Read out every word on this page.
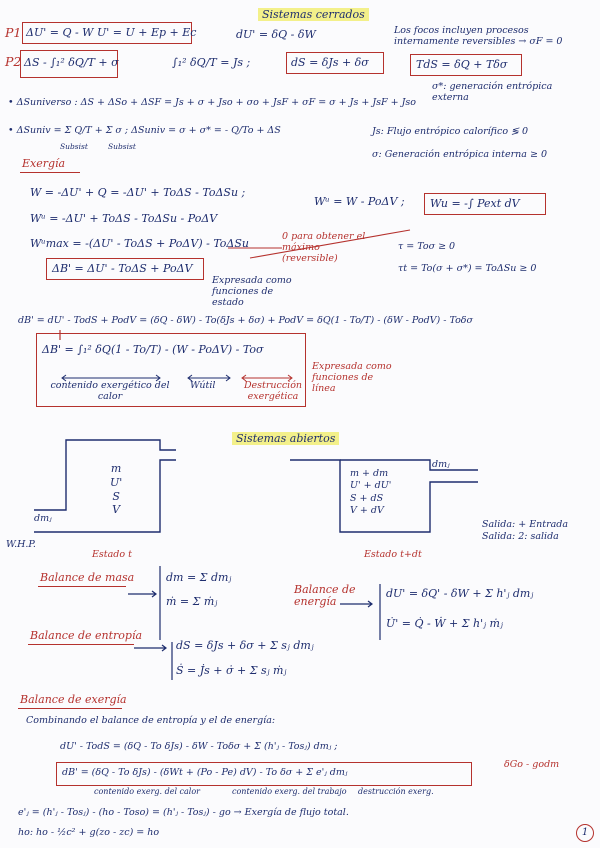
Sistemas cerrados
P1 ΔU' = Q - W U' = U + Ep + Ec	dU' = δQ - δW
P2 ΔS - ∫₁² δQ/T + σ	∫₁² δQ/T = Js ;	dS = δJs + δσ
Los focos incluyen procesos internamente reversibles → σF = 0
TdS = δQ + Tδσ
σ*: generación entrópica externa
• ΔSuniverso : ΔS + ΔSo + ΔSF = Js + σ + Jso + σo + JsF + σF = σ + Js + JsF + Jso
• ΔSuniv = Σ Q/T + Σ σ ; ΔSuniv = σ + σ* = - Q/To + ΔS
Subsist	Subsist
Js: Flujo entrópico calorífico ≶ 0
σ: Generación entrópica interna ≥ 0
Exergía
W = -ΔU' + Q = -ΔU' + ToΔS - ToΔSu ;
Wᵘ = W - PoΔV ; Wu = -∫ Pext dV
Wᵘ = -ΔU' + ToΔS - ToΔSu - PoΔV
Wᵘmax = -(ΔU' - ToΔS + PoΔV) - ToΔSu
0 para obtener el máximo (reversible)
τ = Toσ ≥ 0
τt = To(σ + σ*) = ToΔSu ≥ 0
ΔB' = ΔU' - ToΔS + PoΔV
Expresada como funciones de estado
dB' = dU' - TodS + PodV = (δQ - δW) - To(δJs + δσ) + PodV = δQ(1 - To/T) - (δW - PodV) - Toδσ
ΔB' = ∫₁² δQ(1 - To/T) - (W - PoΔV) - Toσ
contenido exergético del calor
Wútil	Destrucción exergética
Expresada como funciones de línea
Sistemas abiertos
m
U'
S
V
dmⱼ
m + dm
U' + dU'
S + dS
V + dV
dmⱼ
Estado t	Estado t+dt
Salida: + Entrada
Salida: 2: salida
W.H.P.
Balance de masa	dm = Σ dmⱼ
ṁ = Σ ṁⱼ
Balance de energía
dU' = δQ' - δW + Σ h'ⱼ dmⱼ
U̇' = Q̇ - Ẇ + Σ h'ⱼ ṁⱼ
Balance de entropía
dS = δJs + δσ + Σ sⱼ dmⱼ
Ṡ = J̇s + σ̇ + Σ sⱼ ṁⱼ
Balance de exergía
Combinando el balance de entropía y el de energía:
dU' - TodS = (δQ - To δJs) - δW - Toδσ + Σ (h'ⱼ - Tosⱼ) dmⱼ ;
δGo - godm
dB' = (δQ - To δJs) - (δWt + (Po - Pe) dV) - To δσ + Σ e'ⱼ dmⱼ
contenido exerg. del calor	contenido exerg. del trabajo destrucción exerg.
e'ⱼ = (h'ⱼ - Tosⱼ) - (ho - Toso) = (h'ⱼ - Tosⱼ) - go → Exergía de flujo total.
ho: ho - ½c² + g(zo - zc) = ho	1
